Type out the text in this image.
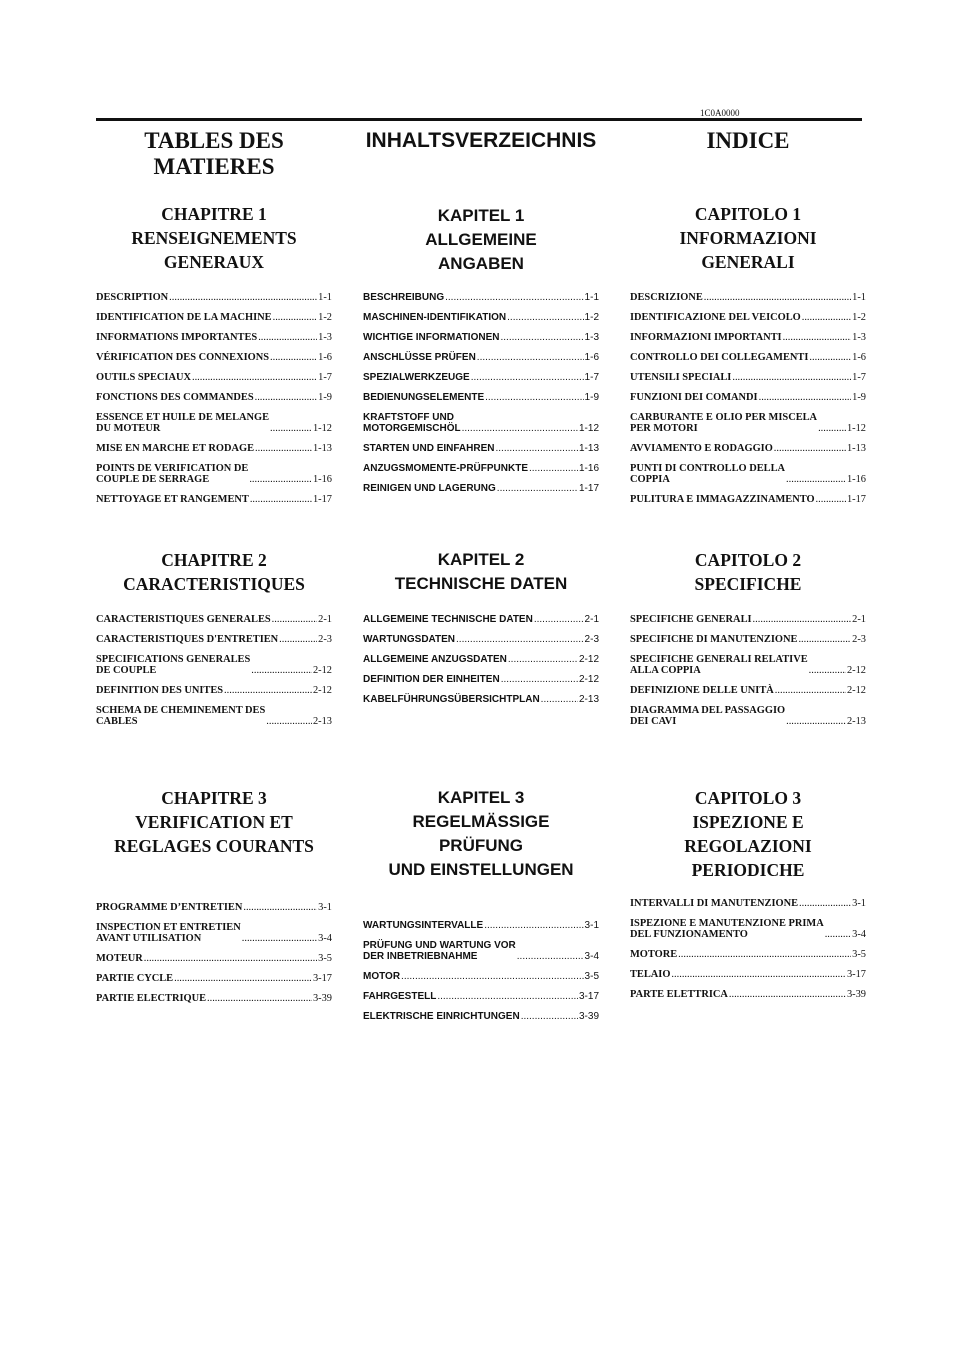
1C0A0000
TABLES DES
MATIERES
CHAPITRE 1
RENSEIGNEMENTS
GENERAUX
DESCRIPTION .....	1-1
IDENTIFICATION DE LA MACHINE .....	1-2
INFORMATIONS IMPORTANTES .....	1-3
VÉRIFICATION DES CONNEXIONS .....	1-6
OUTILS SPECIAUX .....	1-7
FONCTIONS DES COMMANDES .....	1-9
ESSENCE ET HUILE DE MELANGE
DU MOTEUR .....	1-12
MISE EN MARCHE ET RODAGE .....	1-13
POINTS DE VERIFICATION DE
COUPLE DE SERRAGE .....	1-16
NETTOYAGE ET RANGEMENT .....	1-17
CHAPITRE 2
CARACTERISTIQUES
CARACTERISTIQUES GENERALES .....	2-1
CARACTERISTIQUES D'ENTRETIEN .....	2-3
SPECIFICATIONS GENERALES
DE COUPLE .....	2-12
DEFINITION DES UNITES .....	2-12
SCHEMA DE CHEMINEMENT DES
CABLES .....	2-13
CHAPITRE 3
VERIFICATION ET
REGLAGES COURANTS
PROGRAMME D’ENTRETIEN .....	3-1
INSPECTION ET ENTRETIEN
AVANT UTILISATION .....	3-4
MOTEUR .....	3-5
PARTIE CYCLE .....	3-17
PARTIE ELECTRIQUE .....	3-39
INHALTSVERZEICHNIS
KAPITEL 1
ALLGEMEINE
ANGABEN
BESCHREIBUNG .....	1-1
MASCHINEN-IDENTIFIKATION .....	1-2
WICHTIGE INFORMATIONEN .....	1-3
ANSCHLÜSSE PRÜFEN .....	1-6
SPEZIALWERKZEUGE .....	1-7
BEDIENUNGSELEMENTE .....	1-9
KRAFTSTOFF UND
MOTORGEMISCHÖL .....	1-12
STARTEN UND EINFAHREN .....	1-13
ANZUGSMOMENTE-PRÜFPUNKTE .....	1-16
REINIGEN UND LAGERUNG .....	1-17
KAPITEL 2
TECHNISCHE DATEN
ALLGEMEINE TECHNISCHE DATEN .....	2-1
WARTUNGSDATEN .....	2-3
ALLGEMEINE ANZUGSDATEN .....	2-12
DEFINITION DER EINHEITEN .....	2-12
KABELFÜHRUNGSÜBERSICHTPLAN .....	2-13
KAPITEL 3
REGELMÄSSIGE
PRÜFUNG
UND EINSTELLUNGEN
WARTUNGSINTERVALLE .....	3-1
PRÜFUNG UND WARTUNG VOR
DER INBETRIEBNAHME .....	3-4
MOTOR .....	3-5
FAHRGESTELL .....	3-17
ELEKTRISCHE EINRICHTUNGEN .....	3-39
INDICE
CAPITOLO 1
INFORMAZIONI
GENERALI
DESCRIZIONE .....	1-1
IDENTIFICAZIONE DEL VEICOLO .....	1-2
INFORMAZIONI IMPORTANTI .....	1-3
CONTROLLO DEI COLLEGAMENTI .....	1-6
UTENSILI SPECIALI .....	1-7
FUNZIONI DEI COMANDI .....	1-9
CARBURANTE E OLIO PER MISCELA
PER MOTORI .....	1-12
AVVIAMENTO E RODAGGIO .....	1-13
PUNTI DI CONTROLLO DELLA
COPPIA .....	1-16
PULITURA E IMMAGAZZINAMENTO .....	1-17
CAPITOLO 2
SPECIFICHE
SPECIFICHE GENERALI .....	2-1
SPECIFICHE DI MANUTENZIONE .....	2-3
SPECIFICHE GENERALI RELATIVE
ALLA COPPIA .....	2-12
DEFINIZIONE DELLE UNITÀ .....	2-12
DIAGRAMMA DEL PASSAGGIO
DEI CAVI .....	2-13
CAPITOLO 3
ISPEZIONE E
REGOLAZIONI
PERIODICHE
INTERVALLI DI MANUTENZIONE .....	3-1
ISPEZIONE E MANUTENZIONE PRIMA
DEL FUNZIONAMENTO .....	3-4
MOTORE .....	3-5
TELAIO .....	3-17
PARTE ELETTRICA .....	3-39
